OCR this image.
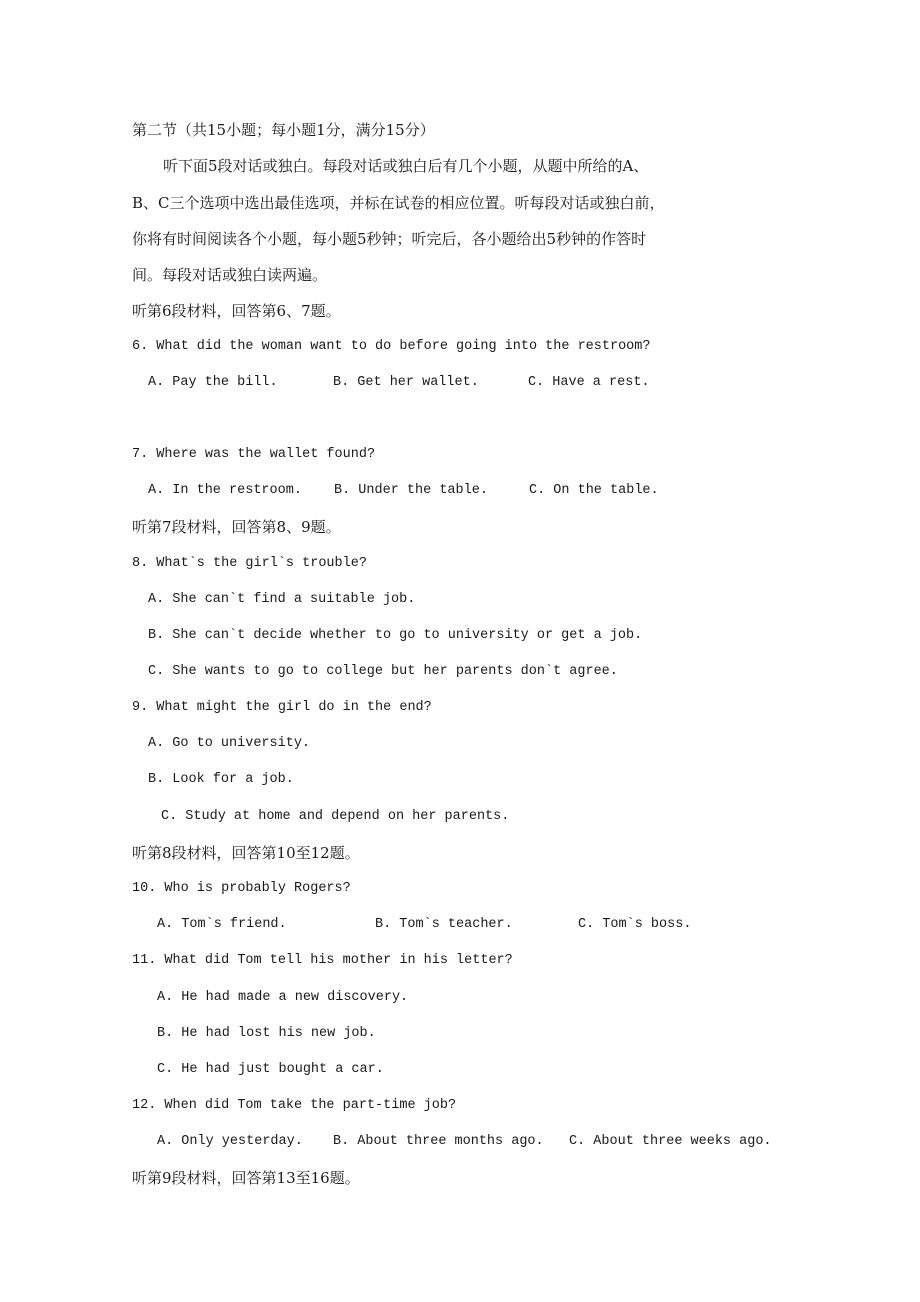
第二节（共15小题；每小题1分，满分15分）
听下面5段对话或独白。每段对话或独白后有几个小题，从题中所给的A、
B、C三个选项中选出最佳选项，并标在试卷的相应位置。听每段对话或独白前，
你将有时间阅读各个小题，每小题5秒钟；听完后，各小题给出5秒钟的作答时
间。每段对话或独白读两遍。
听第6段材料，回答第6、7题。
6. What did the woman want to do before going into the restroom?
A. Pay the bill.	B. Get her wallet.	C. Have a rest.
7. Where was the wallet found?
A. In the restroom. B. Under the table.	C. On the table.
听第7段材料，回答第8、9题。
8. What`s the girl`s trouble?
A. She can`t find a suitable job.
B. She can`t decide whether to go to university or get a job.
C. She wants to go to college but her parents don`t agree.
9. What might the girl do in the end?
A. Go to university.
B. Look for a job.
C. Study at home and depend on her parents.
听第8段材料，回答第10至12题。
10. Who is probably Rogers?
A. Tom`s friend.	B. Tom`s teacher.	C. Tom`s boss.
11. What did Tom tell his mother in his letter?
A. He had made a new discovery.
B. He had lost his new job.
C. He had just bought a car.
12. When did Tom take the part-time job?
A. Only yesterday. B. About three months ago. C. About three weeks ago.
听第9段材料，回答第13至16题。
